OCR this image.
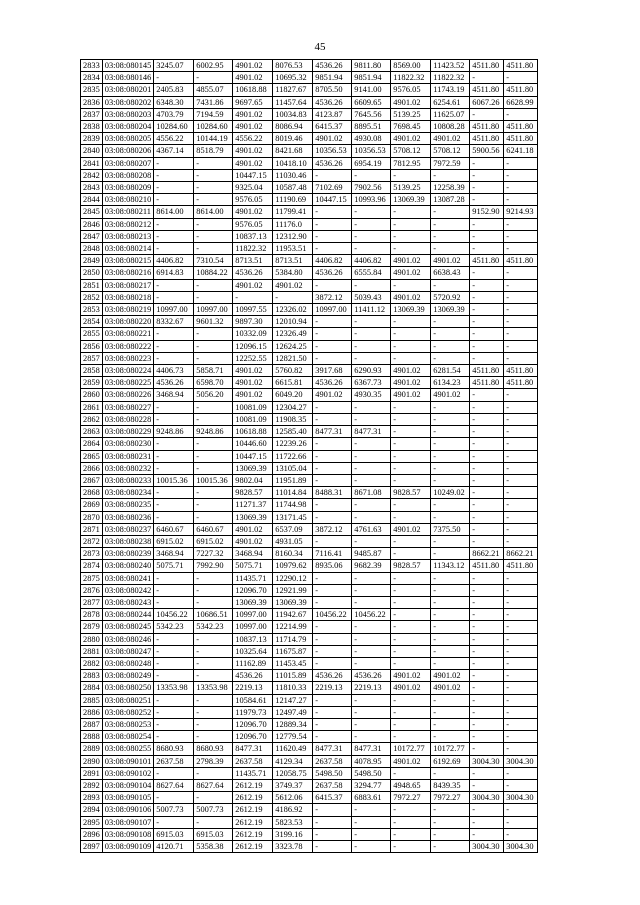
45
2833	03:08:080145	3245.07	6002.95	4901.02	8076.53	4536.26	9811.80	8569.00	11423.52	4511.80	4511.80
2834	03:08:080146	-	-	4901.02	10695.32	9851.94	9851.94	11822.32	11822.32	-	-
2835	03:08:080201	2405.83	4855.07	10618.88	11827.67	8705.50	9141.00	9576.05	11743.19	4511.80	4511.80
2836	03:08:080202	6348.30	7431.86	9697.65	11457.64	4536.26	6609.65	4901.02	6254.61	6067.26	6628.99
2837	03:08:080203	4703.79	7194.59	4901.02	10034.83	4123.87	7645.56	5139.25	11625.07	-	-
2838	03:08:080204	10284.60	10284.60	4901.02	8086.94	6415.37	8895.51	7698.45	10808.28	4511.80	4511.80
2839	03:08:080205	4556.22	10144.19	4556.22	8019.46	4901.02	4930.08	4901.02	4901.02	4511.80	4511.80
2840	03:08:080206	4367.14	8518.79	4901.02	8421.68	10356.53	10356.53	5708.12	5708.12	5900.56	6241.18
2841	03:08:080207	-	-	4901.02	10418.10	4536.26	6954.19	7812.95	7972.59	-	-
2842	03:08:080208	-	-	10447.15	11030.46	-	-	-	-	-	-
2843	03:08:080209	-	-	9325.04	10587.48	7102.69	7902.56	5139.25	12258.39	-	-
2844	03:08:080210	-	-	9576.05	11190.69	10447.15	10993.96	13069.39	13087.28	-	-
2845	03:08:080211	8614.00	8614.00	4901.02	11799.41	-	-	-	-	9152.90	9214.93
2846	03:08:080212	-	-	9576.05	11176.0	-	-	-	-	-	-
2847	03:08:080213	-	-	10837.13	12312.90	-	-	-	-	-	-
2848	03:08:080214	-	-	11822.32	11953.51	-	-	-	-	-	-
2849	03:08:080215	4406.82	7310.54	8713.51	8713.51	4406.82	4406.82	4901.02	4901.02	4511.80	4511.80
2850	03:08:080216	6914.83	10884.22	4536.26	5384.80	4536.26	6555.84	4901.02	6638.43	-	-
2851	03:08:080217	-	-	4901.02	4901.02	-	-	-	-	-	-
2852	03:08:080218	-	-	-	-	3872.12	5039.43	4901.02	5720.92	-	-
2853	03:08:080219	10997.00	10997.00	10997.55	12326.02	10997.00	11411.12	13069.39	13069.39	-	-
2854	03:08:080220	8332.67	9601.32	9897.30	12010.94	-	-	-	-	-	-
2855	03:08:080221	-	-	10332.09	12326.49	-	-	-	-	-	-
2856	03:08:080222	-	-	12096.15	12624.25	-	-	-	-	-	-
2857	03:08:080223	-	-	12252.55	12821.50	-	-	-	-	-	-
2858	03:08:080224	4406.73	5858.71	4901.02	5760.82	3917.68	6290.93	4901.02	6281.54	4511.80	4511.80
2859	03:08:080225	4536.26	6598.70	4901.02	6615.81	4536.26	6367.73	4901.02	6134.23	4511.80	4511.80
2860	03:08:080226	3468.94	5056.20	4901.02	6049.20	4901.02	4930.35	4901.02	4901.02	-	-
2861	03:08:080227	-	-	10081.09	12304.27	-	-	-	-	-	-
2862	03:08:080228	-	-	10081.09	11908.35	-	-	-	-	-	-
2863	03:08:080229	9248.86	9248.86	10618.88	12585.40	8477.31	8477.31	-	-	-	-
2864	03:08:080230	-	-	10446.60	12239.26	-	-	-	-	-	-
2865	03:08:080231	-	-	10447.15	11722.66	-	-	-	-	-	-
2866	03:08:080232	-	-	13069.39	13105.04	-	-	-	-	-	-
2867	03:08:080233	10015.36	10015.36	9802.04	11951.89	-	-	-	-	-	-
2868	03:08:080234	-	-	9828.57	11014.84	8488.31	8671.08	9828.57	10249.02	-	-
2869	03:08:080235	-	-	11271.37	11744.98	-	-	-	-	-	-
2870	03:08:080236	-	-	13069.39	13171.45	-	-	-	-	-	-
2871	03:08:080237	6460.67	6460.67	4901.02	6537.09	3872.12	4761.63	4901.02	7375.50	-	-
2872	03:08:080238	6915.02	6915.02	4901.02	4931.05	-	-	-	-	-	-
2873	03:08:080239	3468.94	7227.32	3468.94	8160.34	7116.41	9485.87	-	-	8662.21	8662.21
2874	03:08:080240	5075.71	7992.90	5075.71	10979.62	8935.06	9682.39	9828.57	11343.12	4511.80	4511.80
2875	03:08:080241	-	-	11435.71	12290.12	-	-	-	-	-	-
2876	03:08:080242	-	-	12096.70	12921.99	-	-	-	-	-	-
2877	03:08:080243	-	-	13069.39	13069.39	-	-	-	-	-	-
2878	03:08:080244	10456.22	10686.51	10997.00	11942.67	10456.22	10456.22	-	-	-	-
2879	03:08:080245	5342.23	5342.23	10997.00	12214.99	-	-	-	-	-	-
2880	03:08:080246	-	-	10837.13	11714.79	-	-	-	-	-	-
2881	03:08:080247	-	-	10325.64	11675.87	-	-	-	-	-	-
2882	03:08:080248	-	-	11162.89	11453.45	-	-	-	-	-	-
2883	03:08:080249	-	-	4536.26	11015.89	4536.26	4536.26	4901.02	4901.02	-	-
2884	03:08:080250	13353.98	13353.98	2219.13	11810.33	2219.13	2219.13	4901.02	4901.02	-	-
2885	03:08:080251	-	-	10584.61	12147.27	-	-	-	-	-	-
2886	03:08:080252	-	-	11979.73	12497.49	-	-	-	-	-	-
2887	03:08:080253	-	-	12096.70	12889.34	-	-	-	-	-	-
2888	03:08:080254	-	-	12096.70	12779.54	-	-	-	-	-	-
2889	03:08:080255	8680.93	8680.93	8477.31	11620.49	8477.31	8477.31	10172.77	10172.77	-	-
2890	03:08:090101	2637.58	2798.39	2637.58	4129.34	2637.58	4078.95	4901.02	6192.69	3004.30	3004.30
2891	03:08:090102	-	-	11435.71	12058.75	5498.50	5498.50	-	-	-	-
2892	03:08:090104	8627.64	8627.64	2612.19	3749.37	2637.58	3294.77	4948.65	8439.35	-	-
2893	03:08:090105	-	-	2612.19	5612.06	6415.37	6883.61	7972.27	7972.27	3004.30	3004.30
2894	03:08:090106	5007.73	5007.73	2612.19	4186.92	-	-	-	-	-	-
2895	03:08:090107	-	-	2612.19	5823.53	-	-	-	-	-	-
2896	03:08:090108	6915.03	6915.03	2612.19	3199.16	-	-	-	-	-	-
2897	03:08:090109	4120.71	5358.38	2612.19	3323.78	-	-	-	-	3004.30	3004.30
